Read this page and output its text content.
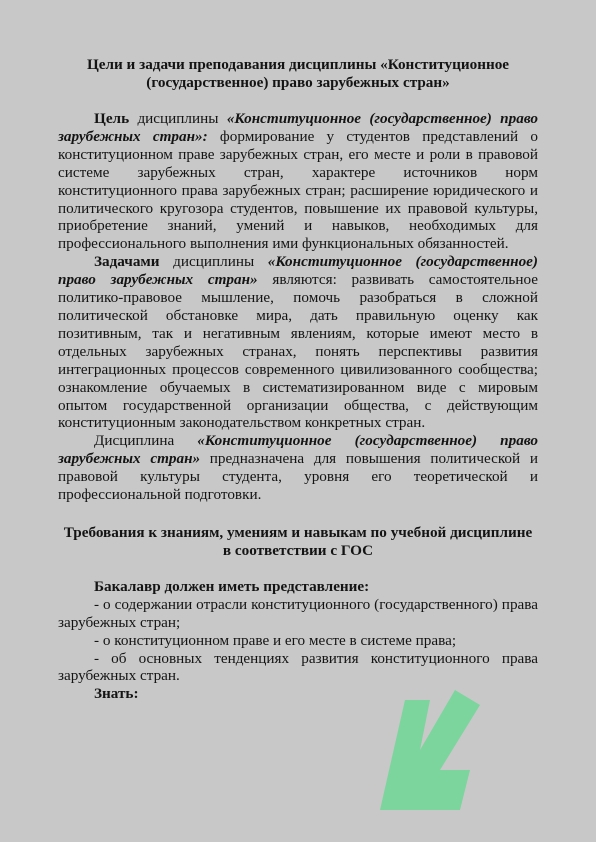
Цели и задачи преподавания дисциплины «Конституционное (государственное) право зарубежных стран»

Цель дисциплины «Конституционное (государственное) право зарубежных стран»: формирование у студентов представлений о конституционном праве зарубежных стран, его месте и роли в правовой системе зарубежных стран, характере источников норм конституционного права зарубежных стран; расширение юридического и политического кругозора студентов, повышение их правовой культуры, приобретение знаний, умений и навыков, необходимых для профессионального выполнения ими функциональных обязанностей.

Задачами дисциплины «Конституционное (государственное) право зарубежных стран» являются: развивать самостоятельное политико-правовое мышление, помочь разобраться в сложной политической обстановке мира, дать правильную оценку как позитивным, так и негативным явлениям, которые имеют место в отдельных зарубежных странах, понять перспективы развития интеграционных процессов современного цивилизованного сообщества; ознакомление обучаемых в систематизированном виде с мировым опытом государственной организации общества, с действующим конституционным законодательством конкретных стран.

Дисциплина «Конституционное (государственное) право зарубежных стран» предназначена для повышения политической и правовой культуры студента, уровня его теоретической и профессиональной подготовки.

Требования к знаниям, умениям и навыкам по учебной дисциплине в соответствии с ГОС

Бакалавр должен иметь представление:

- о содержании отрасли конституционного (государственного) права зарубежных стран;

- о конституционном праве и его месте в системе права;

- об основных тенденциях развития конституционного права зарубежных стран.

Знать:
